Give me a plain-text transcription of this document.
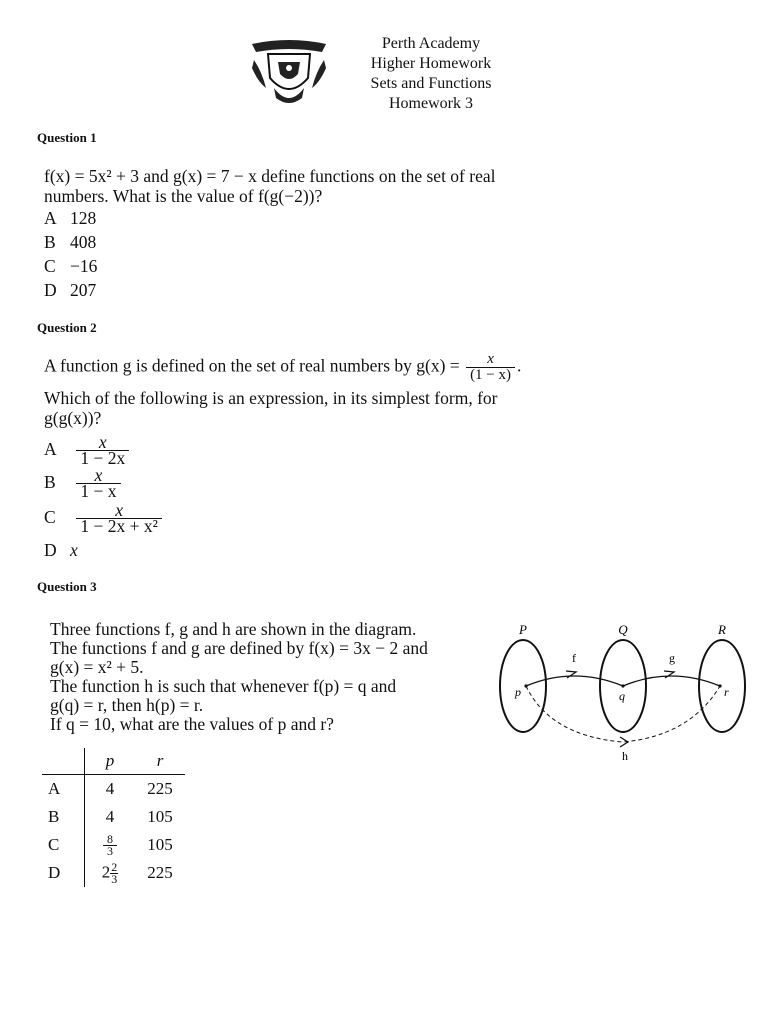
Perth Academy
Higher Homework
Sets and Functions
Homework 3
Question 1
f(x) = 5x² + 3 and g(x) = 7 − x define functions on the set of real
numbers. What is the value of f(g(−2))?
A 128
B 408
C −16
D 207
Question 2
A function g is defined on the set of real numbers by $g(x) = \frac{x}{(1 - x)}$ .
Which of the following is an expression, in its simplest form, for
g(g(x))?
A $\frac{x}{1 - 2x}$
B $\frac{x}{1 - x}$
C $\frac{x}{\text{1 − 2x + x²}}$
D x
Question 3
Three functions f, g and h are shown in the diagram.
The functions f and g are defined by f(x) = 3x − 2 and
g(x) = x² + 5.
The function h is such that whenever f(p) = q and
g(q) = r, then h(p) = r.
If q = 10, what are the values of p and r?
	p	r
A	4	225
B	4	105
C	$\frac{8}{3}$	105
D	$2 \frac{2}{3}$	225
P	Q	R
p	q	r
f	g
h
